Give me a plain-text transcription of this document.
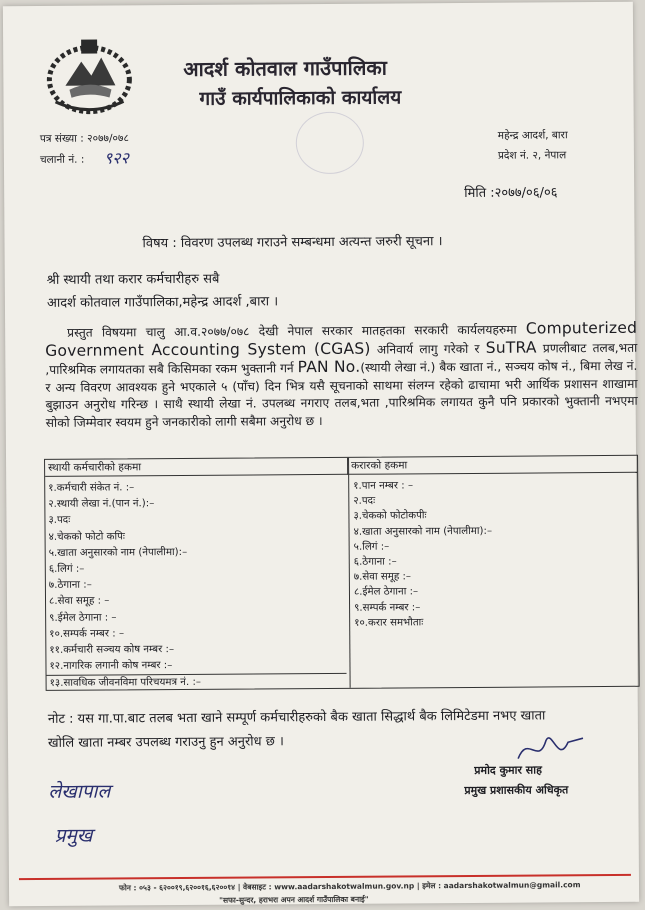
आदर्श कोतवाल गाउँपालिका
गाउँ कार्यपालिकाको कार्यालय
पत्र संख्या : २०७७/०७८
चलानी नं. : ९२२
महेन्द्र आदर्श, बारा
प्रदेश नं. २, नेपाल
मिति :२०७७/०६/०६
विषय : विवरण उपलब्ध गराउने सम्बन्धमा अत्यन्त जरुरी सूचना ।
श्री स्थायी तथा करार कर्मचारीहरु सबै
आदर्श कोतवाल गाउँपालिका,महेन्द्र आदर्श ,बारा ।
प्रस्तुत विषयमा चालु आ.व.२०७७/०७८ देखी नेपाल सरकार मातहतका सरकारी कार्यलयहरुमा Computerized Government Accounting System (CGAS) अनिवार्य लागु गरेको र SuTRA प्रणलीबाट तलब,भता ,पारिश्रमिक लगायतका सबै किसिमका रकम भुक्तानी गर्न PAN No.(स्थायी लेखा नं.) बैक खाता नं., सञ्चय कोष नं., बिमा लेख नं. र अन्य विवरण आवश्यक हुने भएकाले ५ (पाँच) दिन भित्र यसै सूचनाको साथमा संलग्न रहेको ढाचामा भरी आर्थिक प्रशासन शाखामा बुझाउन अनुरोध गरिन्छ । साथै स्थायी लेखा नं. उपलब्ध नगराए तलब,भता ,पारिश्रमिक लगायत कुनै पनि प्रकारको भुक्तानी नभएमा सोको जिम्मेवार स्वयम हुने जनकारीको लागी सबैमा अनुरोध छ ।
स्थायी कर्मचारीको हकमा	करारको हकमा
१.कर्मचारी संकेत नं. :–
२.स्थायी लेखा नं.(पान नं.):–
३.पदः
४.चेकको फोटो कपिः
५.खाता अनुसारको नाम (नेपालीमा):–
६.लिगं :–
७.ठेगाना :–
८.सेवा समूह : –
९.ईमेल ठेगाना : –
१०.सम्पर्क नम्बर : –
११.कर्मचारी सञ्चय कोष नम्बर :–
१२.नागरिक लगानी कोष नम्बर :–
१३.सावधिक जीवनविमा परिचयमत्र नं. :–
१.पान नम्बर : –
२.पदः
३.चेकको फोटोकपीः
४.खाता अनुसारको नाम (नेपालीमा):–
५.लिगं :–
६.ठेगाना :–
७.सेवा समूह :–
८.ईमेल ठेगाना :–
९.सम्पर्क नम्बर :–
१०.करार समभौताः
नोट : यस गा.पा.बाट तलब भता खाने सम्पूर्ण कर्मचारीहरुको बैक खाता सिद्धार्थ बैक लिमिटेडमा नभए खाता खोलि खाता नम्बर उपलब्ध गराउनु हुन अनुरोध छ ।
प्रमोद कुमार साह
प्रमुख प्रशासकीय अधिकृत
लेखापाल
प्रमुख
फोन : ०५३ - ६२००१९,६२००१६,६२००१४ | वेबसाइट : www.aadarshakotwalmun.gov.np | इमेल : aadarshakotwalmun@gmail.com
"सफा-सुन्दर, हराभरा अपन आदर्श गाउँपालिका बनाई"
